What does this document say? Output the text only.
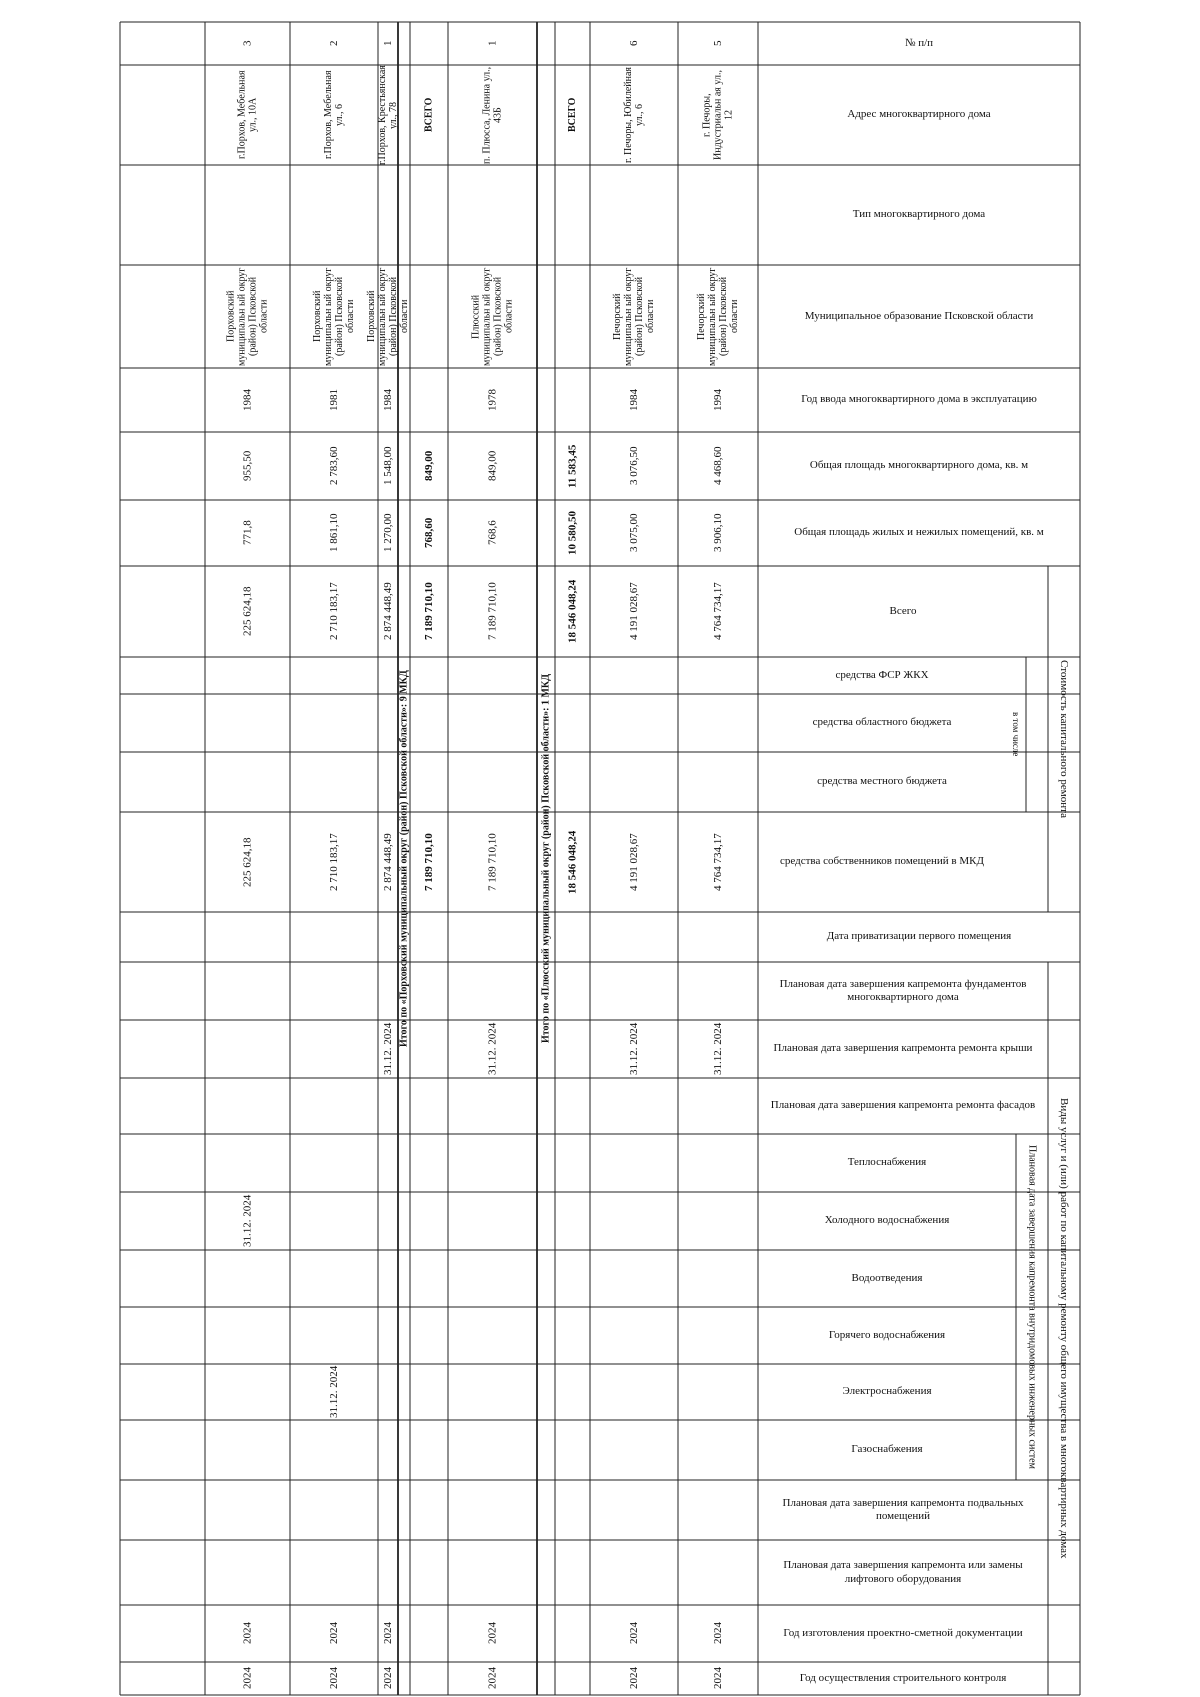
№ п/п
Адрес многоквартирного дома
Тип многоквартирного дома
Муниципальное образование Псковской области
Год ввода многоквартирного дома в эксплуатацию
Общая площадь многоквартирного дома, кв. м
Общая площадь жилых и нежилых помещений, кв. м
Всего
средства ФСР ЖКХ
средства областного бюджета
средства местного бюджета
средства собственников помещений в МКД
Дата приватизации первого помещения
Плановая дата завершения капремонта фундаментов многоквартирного дома
Плановая дата завершения капремонта ремонта крыши
Плановая дата завершения капремонта ремонта фасадов
Теплоснабжения
Холодного водоснабжения
Водоотведения
Горячего водоснабжения
Электроснабжения
Газоснабжения
Плановая дата завершения капремонта подвальных помещений
Плановая дата завершения капремонта или замены лифтового оборудования
Год изготовления проектно-сметной документации
Год осуществления строительного контроля
Стоимость капитального ремонта
в том числе
Виды услуг и (или) работ по капитальному ремонту общего имущества в многоквартирных домах
Плановая дата завершения капремонта внутридомовых инженерных систем
5
г. Печоры, Индустриальн ая ул., 12
Печорский муниципальн ый округ (район) Псковской области
1994
4 468,60
3 906,10
4 764 734,17
4 764 734,17
31.12. 2024
2024
2024
6
г. Печоры, Юбилейная ул., 6
Печорский муниципальн ый округ (район) Псковской области
1984
3 076,50
3 075,00
4 191 028,67
4 191 028,67
31.12. 2024
2024
2024
ВСЕГО
11 583,45
10 580,50
18 546 048,24
18 546 048,24
Итого по «Плюсский муниципальный округ (район) Псковской области»: 1 МКД
1
п. Плюсса, Ленина ул., 43Б
Плюсский муниципальн ый округ (район) Псковской области
1978
849,00
768,6
7 189 710,10
7 189 710,10
31.12. 2024
2024
2024
ВСЕГО
849,00
768,60
7 189 710,10
7 189 710,10
Итого по «Порховский муниципальный округ (район) Псковской области»: 9 МКД
1
г.Порхов, Крестьянская ул., 78
Порховский муниципальн ый округ (район) Псковской области
1984
1 548,00
1 270,00
2 874 448,49
2 874 448,49
31.12. 2024
2024
2024
2
г.Порхов, Мебельная ул., 6
Порховский муниципальн ый округ (район) Псковской области
1981
2 783,60
1 861,10
2 710 183,17
2 710 183,17
31.12. 2024
2024
2024
3
г.Порхов, Мебельная ул., 10А
Порховский муниципальн ый округ (район) Псковской области
1984
955,50
771,8
225 624,18
225 624,18
31.12. 2024
2024
2024
